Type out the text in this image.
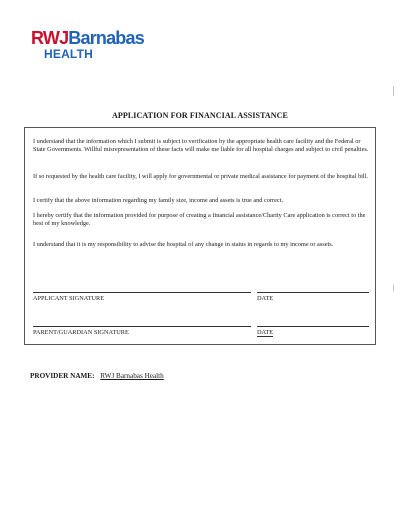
RWJBarnabas
HEALTH
APPLICATION FOR FINANCIAL ASSISTANCE

I understand that the information which I submit is subject to verification by the appropriate health care facility and the Federal or State Governments. Willful misrepresentation of these facts will make me liable for all hospital charges and subject to civil penalties.

If so requested by the health care facility, I will apply for governmental or private medical assistance for payment of the hospital bill.

I certify that the above information regarding my family size, income and assets is true and correct.

I hereby certify that the information provided for purpose of creating a financial assistance/Charity Care application is correct to the best of my knowledge.

I understand that it is my responsibility to advise the hospital of any change in status in regards to my income or assets.

APPLICANT SIGNATURE	DATE
PARENT/GUARDIAN SIGNATURE	DATE
PROVIDER NAME: RWJ Barnabas Health
